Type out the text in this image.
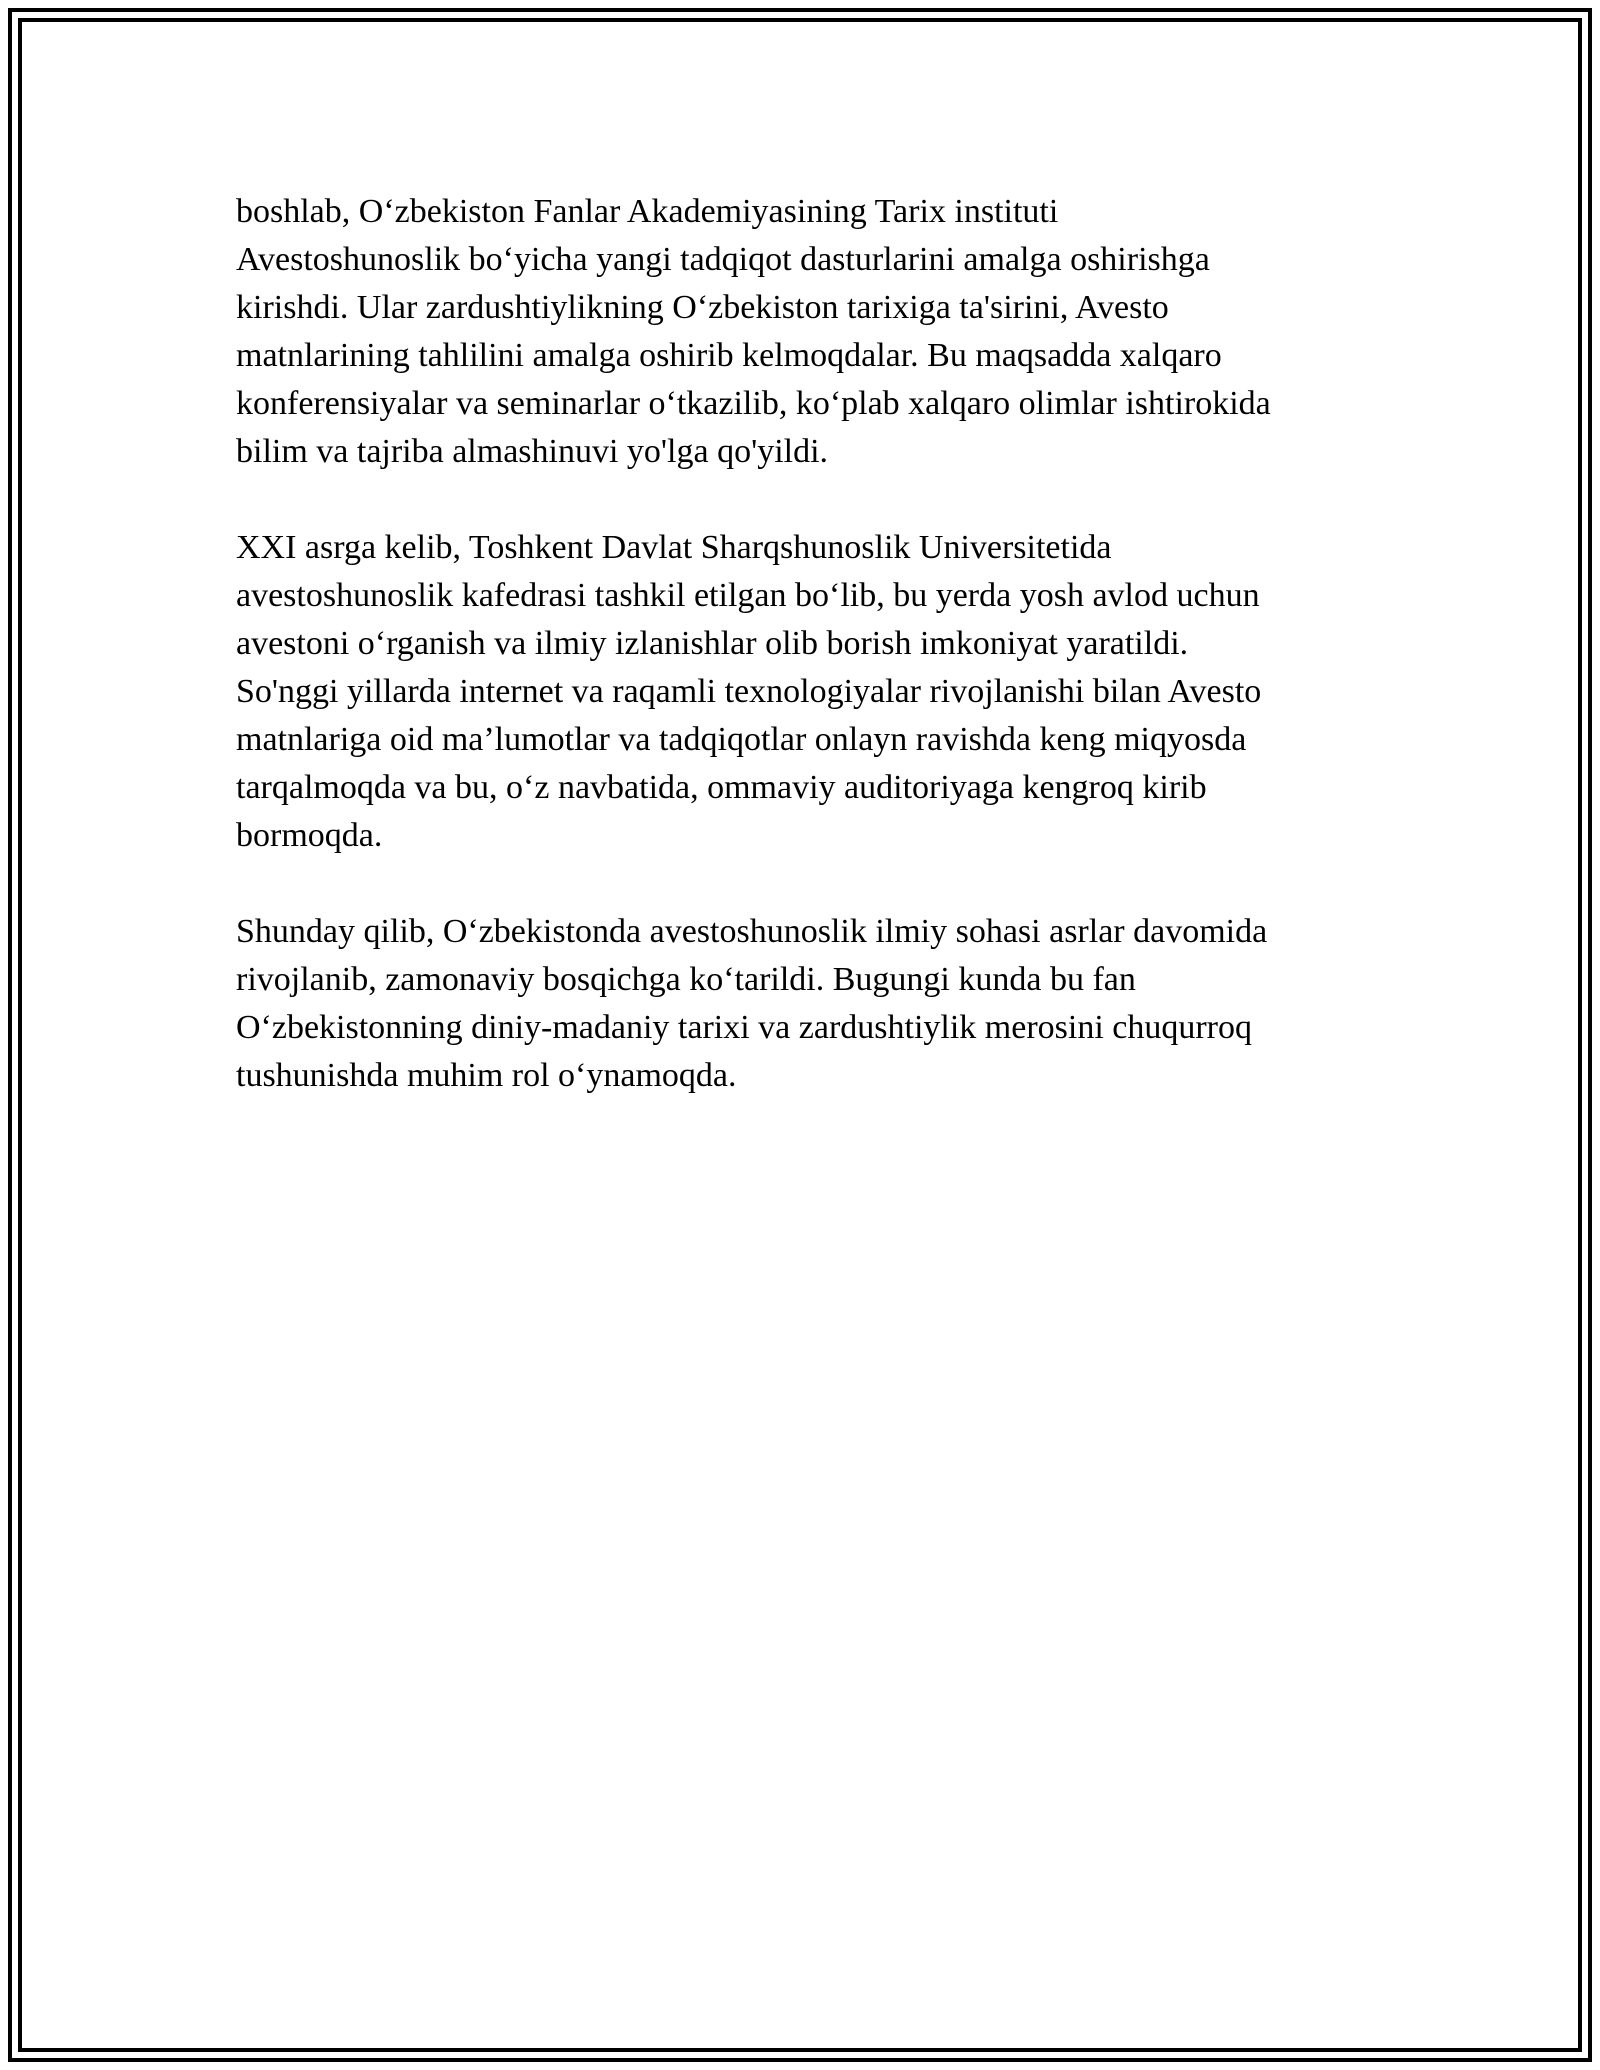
boshlab, O‘zbekiston Fanlar Akademiyasining Tarix instituti
Avestoshunoslik bo‘yicha yangi tadqiqot dasturlarini amalga oshirishga
kirishdi. Ular zardushtiylikning O‘zbekiston tarixiga ta'sirini, Avesto
matnlarining tahlilini amalga oshirib kelmoqdalar. Bu maqsadda xalqaro
konferensiyalar va seminarlar o‘tkazilib, ko‘plab xalqaro olimlar ishtirokida
bilim va tajriba almashinuvi yo'lga qo'yildi.

XXI asrga kelib, Toshkent Davlat Sharqshunoslik Universitetida
avestoshunoslik kafedrasi tashkil etilgan bo‘lib, bu yerda yosh avlod uchun
avestoni o‘rganish va ilmiy izlanishlar olib borish imkoniyat yaratildi.
So'nggi yillarda internet va raqamli texnologiyalar rivojlanishi bilan Avesto
matnlariga oid ma’lumotlar va tadqiqotlar onlayn ravishda keng miqyosda
tarqalmoqda va bu, o‘z navbatida, ommaviy auditoriyaga kengroq kirib
bormoqda.

Shunday qilib, O‘zbekistonda avestoshunoslik ilmiy sohasi asrlar davomida
rivojlanib, zamonaviy bosqichga ko‘tarildi. Bugungi kunda bu fan
O‘zbekistonning diniy-madaniy tarixi va zardushtiylik merosini chuqurroq
tushunishda muhim rol o‘ynamoqda.
